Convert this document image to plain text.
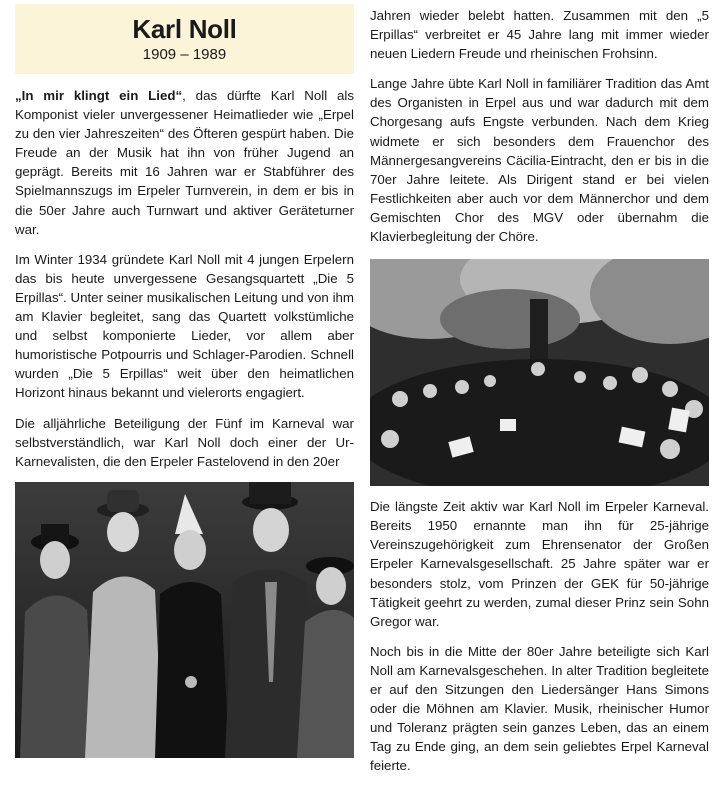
Karl Noll
1909 – 1989

„In mir klingt ein Lied“, das dürfte Karl Noll als Komponist vieler unvergessener Heimatlieder wie „Erpel zu den vier Jahreszeiten“ des Öfteren gespürt haben. Die Freude an der Musik hat ihn von früher Jugend an geprägt. Bereits mit 16 Jahren war er Stabführer des Spielmannszugs im Erpeler Turnverein, in dem er bis in die 50er Jahre auch Turnwart und aktiver Geräteturner war.

Im Winter 1934 gründete Karl Noll mit 4 jungen Erpelern das bis heute unvergessene Gesangsquartett „Die 5 Erpillas“. Unter seiner musikalischen Leitung und von ihm am Klavier begleitet, sang das Quartett volkstümliche und selbst komponierte Lieder, vor allem aber humoristische Potpourris und Schlager-Parodien. Schnell wurden „Die 5 Erpillas“ weit über den heimatlichen Horizont hinaus bekannt und vielerorts engagiert.

Die alljährliche Beteiligung der Fünf im Karneval war selbstverständlich, war Karl Noll doch einer der Ur-Karnevalisten, die den Erpeler Fastelovend in den 20er

Jahren wieder belebt hatten. Zusammen mit den „5 Erpillas“ verbreitet er 45 Jahre lang mit immer wieder neuen Liedern Freude und rheinischen Frohsinn.

Lange Jahre übte Karl Noll in familiärer Tradition das Amt des Organisten in Erpel aus und war dadurch mit dem Chorgesang aufs Engste verbunden. Nach dem Krieg widmete er sich besonders dem Frauenchor des Männergesangvereins Cäcilia-Eintracht, den er bis in die 70er Jahre leitete. Als Dirigent stand er bei vielen Festlichkeiten aber auch vor dem Männerchor und dem Gemischten Chor des MGV oder übernahm die Klavierbegleitung der Chöre.

Die längste Zeit aktiv war Karl Noll im Erpeler Karneval. Bereits 1950 ernannte man ihn für 25-jährige Vereinszugehörigkeit zum Ehrensenator der Großen Erpeler Karnevalsgesellschaft. 25 Jahre später war er besonders stolz, vom Prinzen der GEK für 50-jährige Tätigkeit geehrt zu werden, zumal dieser Prinz sein Sohn Gregor war.

Noch bis in die Mitte der 80er Jahre beteiligte sich Karl Noll am Karnevalsgeschehen. In alter Tradition begleitete er auf den Sitzungen den Liedersänger Hans Simons oder die Möhnen am Klavier. Musik, rheinischer Humor und Toleranz prägten sein ganzes Leben, das an einem Tag zu Ende ging, an dem sein geliebtes Erpel Karneval feierte.
